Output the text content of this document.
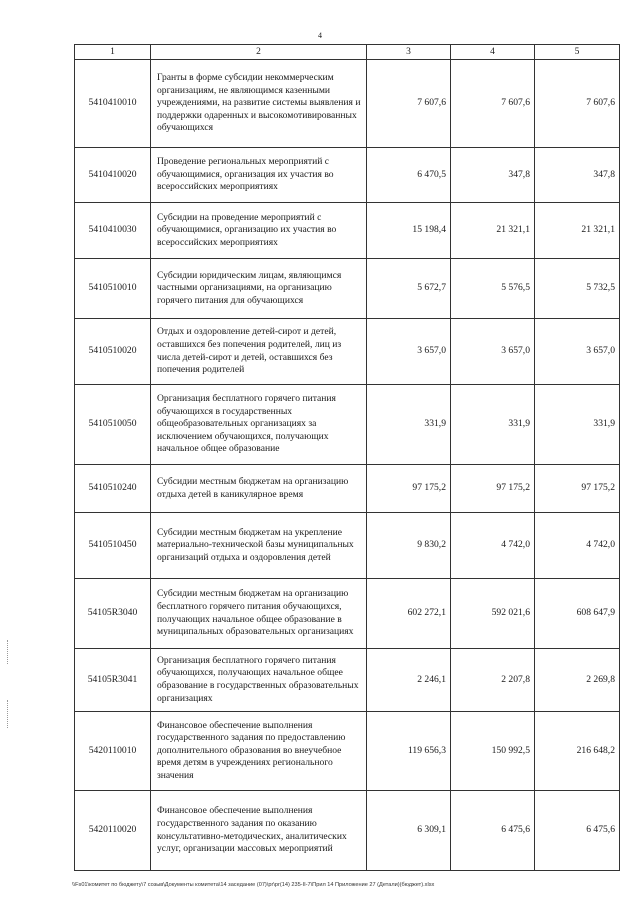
4
1	2	3	4	5
5410410010	Гранты в форме субсидии некоммерческим организациям, не являющимся казенными учреждениями, на развитие системы выявления и поддержки одаренных и высокомотивированных обучающихся	7 607,6	7 607,6	7 607,6
5410410020	Проведение региональных мероприятий с обучающимися, организация их участия во всероссийских мероприятиях	6 470,5	347,8	347,8
5410410030	Субсидии на проведение мероприятий с обучающимися, организацию их участия во всероссийских мероприятиях	15 198,4	21 321,1	21 321,1
5410510010	Субсидии юридическим лицам, являющимся частными организациями, на организацию горячего питания для обучающихся	5 672,7	5 576,5	5 732,5
5410510020	Отдых и оздоровление детей-сирот и детей, оставшихся без попечения родителей, лиц из числа детей-сирот и детей, оставшихся без попечения родителей	3 657,0	3 657,0	3 657,0
5410510050	Организация бесплатного горячего питания обучающихся в государственных общеобразовательных организациях за исключением обучающихся, получающих начальное общее образование	331,9	331,9	331,9
5410510240	Субсидии местным бюджетам на организацию отдыха детей в каникулярное время	97 175,2	97 175,2	97 175,2
5410510450	Субсидии местным бюджетам на укрепление материально-технической базы муниципальных организаций отдыха и оздоровления детей	9 830,2	4 742,0	4 742,0
54105R3040	Субсидии местным бюджетам на организацию бесплатного горячего питания обучающихся, получающих начальное общее образование в муниципальных образовательных организациях	602 272,1	592 021,6	608 647,9
54105R3041	Организация бесплатного горячего питания обучающихся, получающих начальное общее образование в государственных образовательных организациях	2 246,1	2 207,8	2 269,8
5420110010	Финансовое обеспечение выполнения государственного задания по предоставлению дополнительного образования во внеучебное время детям в учреждениях регионального значения	119 656,3	150 992,5	216 648,2
5420110020	Финансовое обеспечение выполнения государственного задания по оказанию консультативно-методических, аналитических услуг, организации массовых мероприятий	6 309,1	6 475,6	6 475,6
\\Fs01\комитет по бюджету\7 созыв\Документы комитета\14 заседание (07)\pr\pr(14) 235-II-7\Прил 14 Приложение 27 (Детали)(бюджет).xlsx
